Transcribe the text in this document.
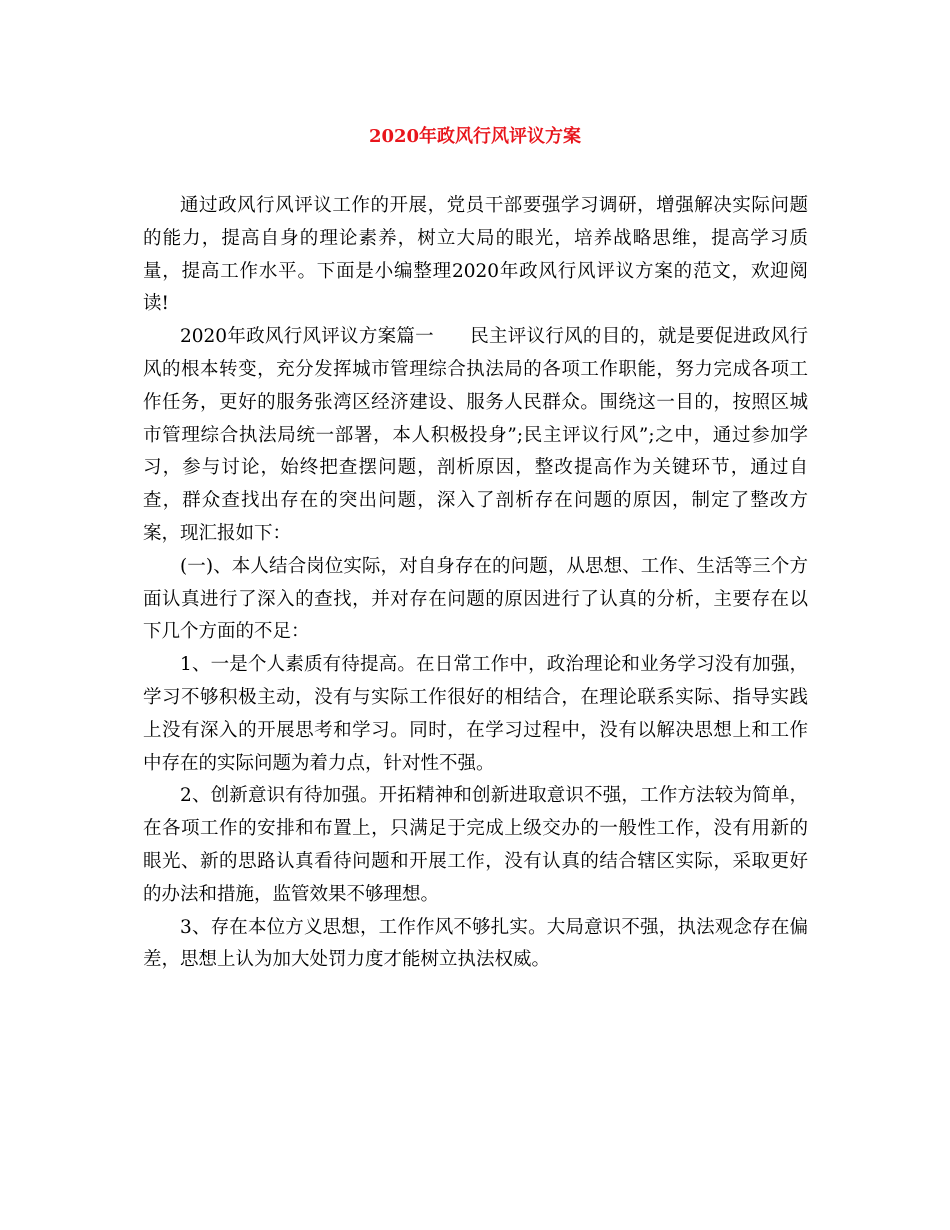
2020年政风行风评议方案

通过政风行风评议工作的开展，党员干部要强学习调研，增强解决实际问题的能力，提高自身的理论素养，树立大局的眼光，培养战略思维，提高学习质量，提高工作水平。下面是小编整理2020年政风行风评议方案的范文，欢迎阅读!

2020年政风行风评议方案篇一 民主评议行风的目的，就是要促进政风行风的根本转变，充分发挥城市管理综合执法局的各项工作职能，努力完成各项工作任务，更好的服务张湾区经济建设、服务人民群众。围绕这一目的，按照区城市管理综合执法局统一部署，本人积极投身”;民主评议行风”;之中，通过参加学习，参与讨论，始终把查摆问题，剖析原因，整改提高作为关键环节，通过自查，群众查找出存在的突出问题，深入了剖析存在问题的原因，制定了整改方案，现汇报如下：

(一)、本人结合岗位实际，对自身存在的问题，从思想、工作、生活等三个方面认真进行了深入的查找，并对存在问题的原因进行了认真的分析，主要存在以下几个方面的不足：

1、一是个人素质有待提高。在日常工作中，政治理论和业务学习没有加强，学习不够积极主动，没有与实际工作很好的相结合，在理论联系实际、指导实践上没有深入的开展思考和学习。同时，在学习过程中，没有以解决思想上和工作中存在的实际问题为着力点，针对性不强。

2、创新意识有待加强。开拓精神和创新进取意识不强，工作方法较为简单，在各项工作的安排和布置上，只满足于完成上级交办的一般性工作，没有用新的眼光、新的思路认真看待问题和开展工作，没有认真的结合辖区实际，采取更好的办法和措施，监管效果不够理想。

3、存在本位方义思想，工作作风不够扎实。大局意识不强，执法观念存在偏差，思想上认为加大处罚力度才能树立执法权威。
